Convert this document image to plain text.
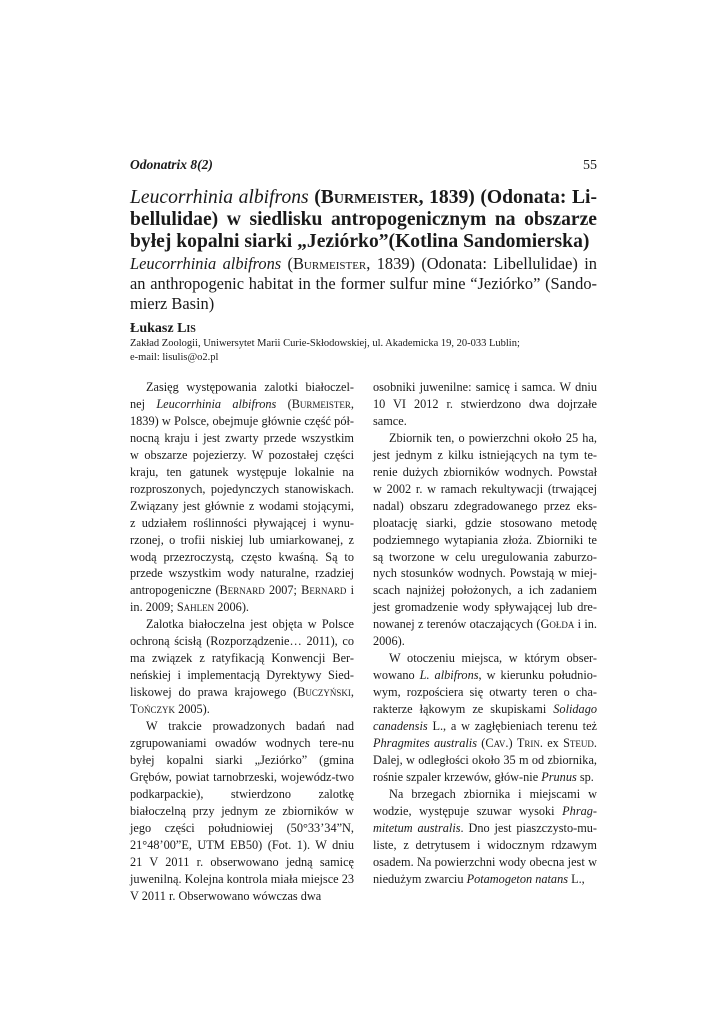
Odonatrix 8(2)	55
Leucorrhinia albifrons (Burmeister, 1839) (Odonata: Li-bellulidae) w siedlisku antropogenicznym na obszarze byłej kopalni siarki „Jeziórko”(Kotlina Sandomierska)
Leucorrhinia albifrons (Burmeister, 1839) (Odonata: Libellulidae) in an anthropogenic habitat in the former sulfur mine “Jeziórko” (Sando-mierz Basin)
Łukasz Lis
Zakład Zoologii, Uniwersytet Marii Curie-Skłodowskiej, ul. Akademicka 19, 20-033 Lublin;
e-mail: lisulis@o2.pl

Zasięg występowania zalotki białoczel-nej Leucorrhinia albifrons (Burmeister, 1839) w Polsce, obejmuje głównie część pół-nocną kraju i jest zwarty przede wszystkim w obszarze pojezierzy. W pozostałej części kraju, ten gatunek występuje lokalnie na rozproszonych, pojedynczych stanowiskach. Związany jest głównie z wodami stojącymi, z udziałem roślinności pływającej i wynu-rzonej, o trofii niskiej lub umiarkowanej, z wodą przezroczystą, często kwaśną. Są to przede wszystkim wody naturalne, rzadziej antropogeniczne (Bernard 2007; Bernard i in. 2009; Sahlen 2006).

Zalotka białoczelna jest objęta w Polsce ochroną ścisłą (Rozporządzenie… 2011), co ma związek z ratyfikacją Konwencji Ber-neńskiej i implementacją Dyrektywy Sied-liskowej do prawa krajowego (Buczyński, Tończyk 2005).

W trakcie prowadzonych badań nad zgrupowaniami owadów wodnych tere-nu byłej kopalni siarki „Jeziórko” (gmina Grębów, powiat tarnobrzeski, wojewódz-two podkarpackie), stwierdzono zalotkę białoczelną przy jednym ze zbiorników w jego części południowiej (50°33’34”N, 21°48’00”E, UTM EB50) (Fot. 1). W dniu 21 V 2011 r. obserwowano jedną samicę juwenilną. Kolejna kontrola miała miejsce 23 V 2011 r. Obserwowano wówczas dwa

osobniki juwenilne: samicę i samca. W dniu 10 VI 2012 r. stwierdzono dwa dojrzałe samce.

Zbiornik ten, o powierzchni około 25 ha, jest jednym z kilku istniejących na tym te-renie dużych zbiorników wodnych. Powstał w 2002 r. w ramach rekultywacji (trwającej nadal) obszaru zdegradowanego przez eks-ploatację siarki, gdzie stosowano metodę podziemnego wytapiania złoża. Zbiorniki te są tworzone w celu uregulowania zaburzo-nych stosunków wodnych. Powstają w miej-scach najniżej położonych, a ich zadaniem jest gromadzenie wody spływającej lub dre-nowanej z terenów otaczających (Gołda i in. 2006).

W otoczeniu miejsca, w którym obser-wowano L. albifrons, w kierunku południo-wym, rozpościera się otwarty teren o cha-rakterze łąkowym ze skupiskami Solidago canadensis L., a w zagłębieniach terenu też Phragmites australis (Cav.) Trin. ex Steud. Dalej, w odległości około 35 m od zbiornika, rośnie szpaler krzewów, głów-nie Prunus sp.

Na brzegach zbiornika i miejscami w wodzie, występuje szuwar wysoki Phrag-mitetum australis. Dno jest piaszczysto-mu-liste, z detrytusem i widocznym rdzawym osadem. Na powierzchni wody obecna jest w niedużym zwarciu Potamogeton natans L.,
